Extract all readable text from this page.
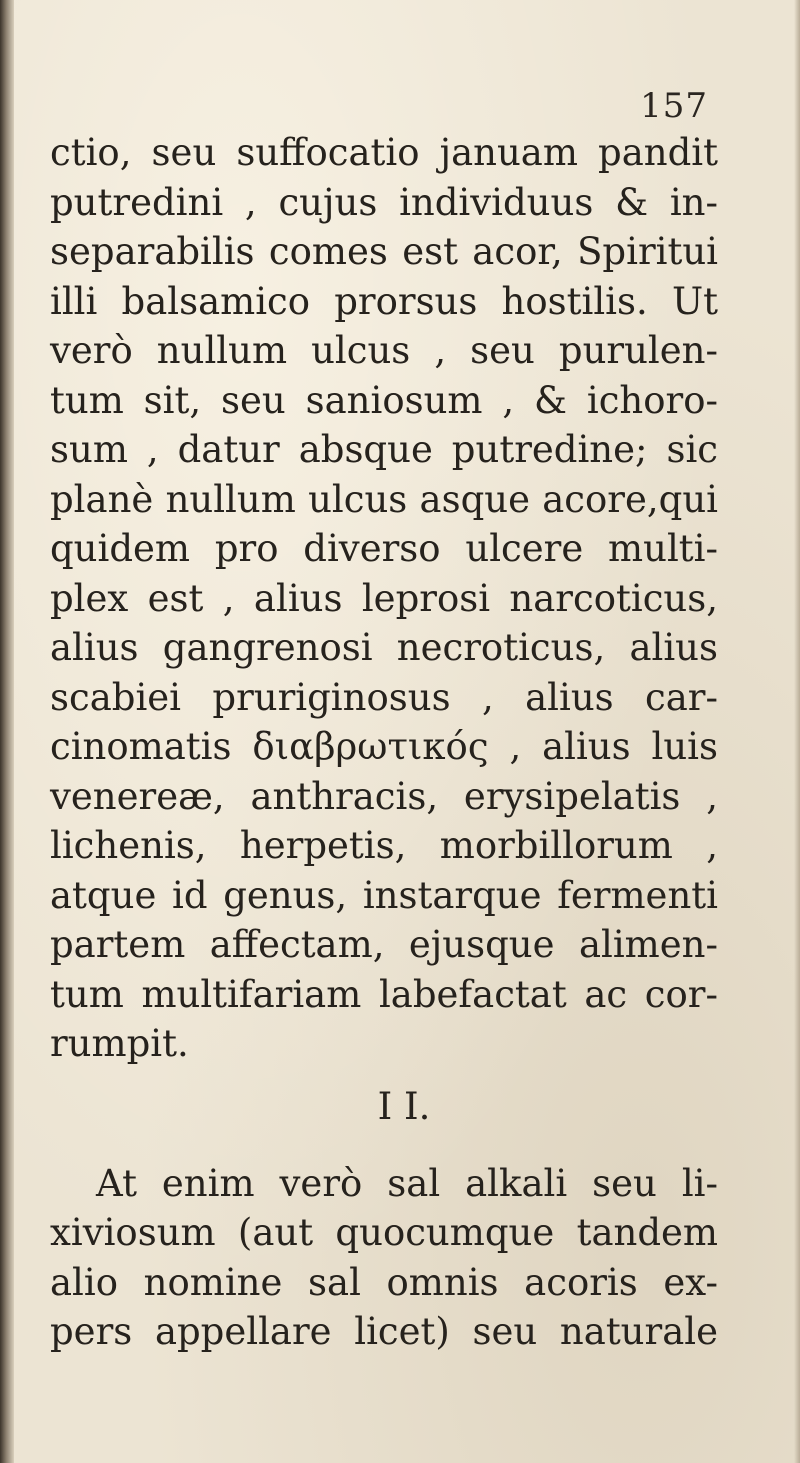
157
ctio, seu suffocatio januam pandit
putredini , cujus individuus & in-
separabilis comes est acor, Spiritui
illi balsamico prorsus hostilis. Ut
verò nullum ulcus , seu purulen-
tum sit, seu saniosum , & ichoro-
sum , datur absque putredine; sic
planè nullum ulcus asque acore,qui
quidem pro diverso ulcere multi-
plex est , alius leprosi narcoticus,
alius gangrenosi necroticus, alius
scabiei pruriginosus , alius car-
cinomatis διαβρωτικός , alius luis
venereæ, anthracis, erysipelatis ,
lichenis, herpetis, morbillorum ,
atque id genus, instarque fermenti
partem affectam, ejusque alimen-
tum multifariam labefactat ac cor-
rumpit.
I I.
At enim verò sal alkali seu li-
xiviosum (aut quocumque tandem
alio nomine sal omnis acoris ex-
pers appellare licet) seu naturale
